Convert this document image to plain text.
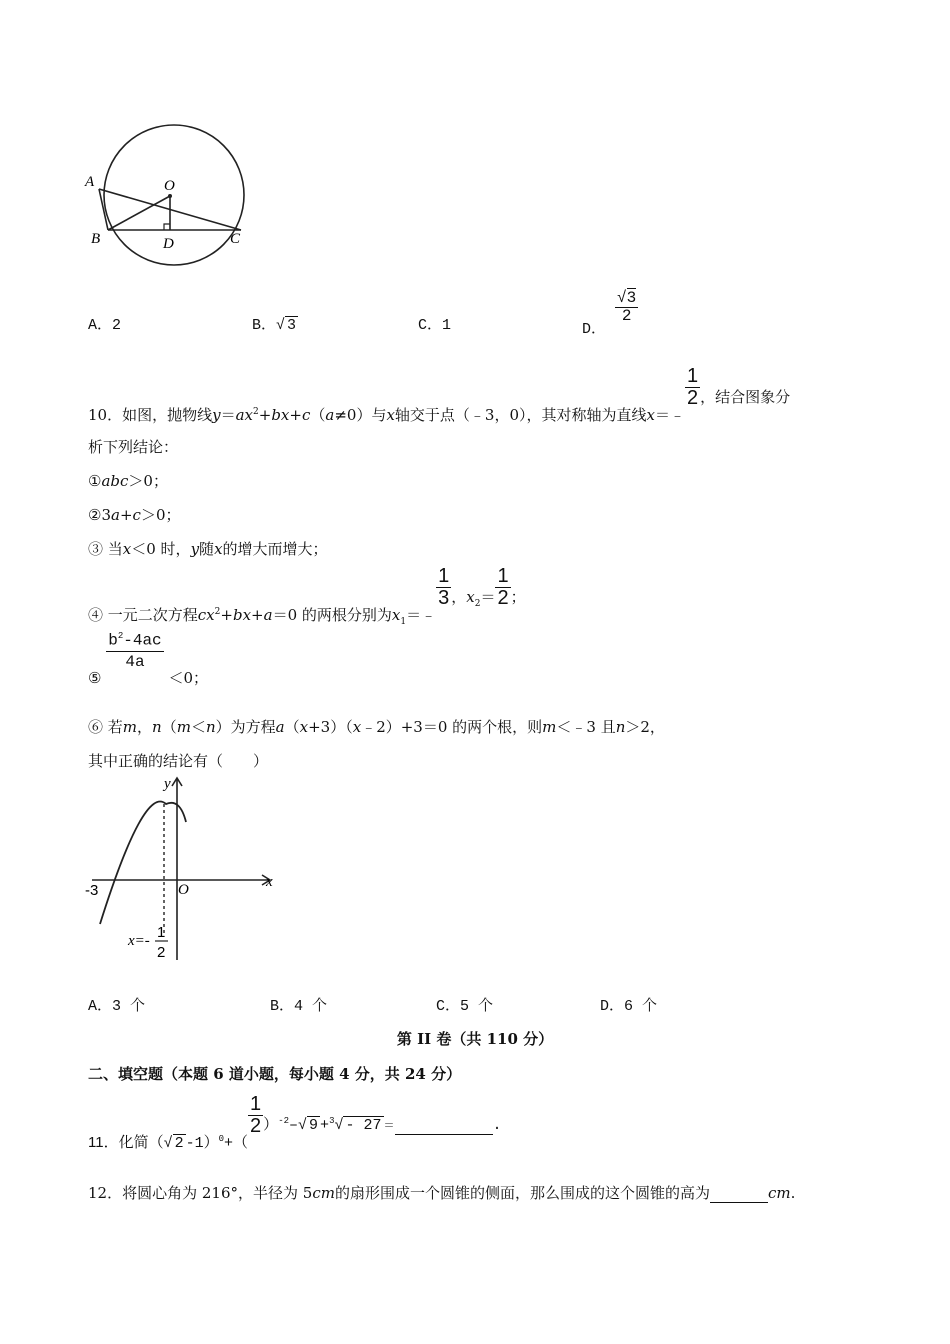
A
B	C
D
O
A．2	B．√ 3	C．1	D．
$\frac{√3}{2}$
10．如图，抛物线$y=ax^2+bx+c(a\ne 0)$与x轴交于点（﹣3，0），其对称轴为直线x＝﹣
$\frac{1}{2}$ ，结合图象分
析下列结论：
①abc＞0；
②3a+c＞0；
③ 当x＜0 时，y随x的增大而增大；
④ 一元二次方程$cx^2+bx+a=0$ 的两根分别为$x_1=﹣$
$\frac{1}{3}$ ，$x_2= \frac{1}{2}$ ；
⑤
$\frac{b^2-4ac}{4a}$
＜0；
⑥ 若m，n（m＜n）为方程a（x+3）（x﹣2）+3＝0 的两个根，则m＜﹣3 且n＞2，
其中正确的结论有（　　）
y
x
O
-3
x=- 1
2
A．3 个	B．4 个	C．5 个	D．6 个
第 II 卷（共 110 分）
二、填空题（本题 6 道小题，每小题 4 分，共 24 分）
11．化简（√ 2 -1）$^0$+（
$\frac{1}{2} )^{-2}-√$ 9 +$^3$√ - 27 ＝	.
12．将圆心角为 216°，半径为 5cm的扇形围成一个圆锥的侧面，那么围成的这个圆锥的高为	cm.
